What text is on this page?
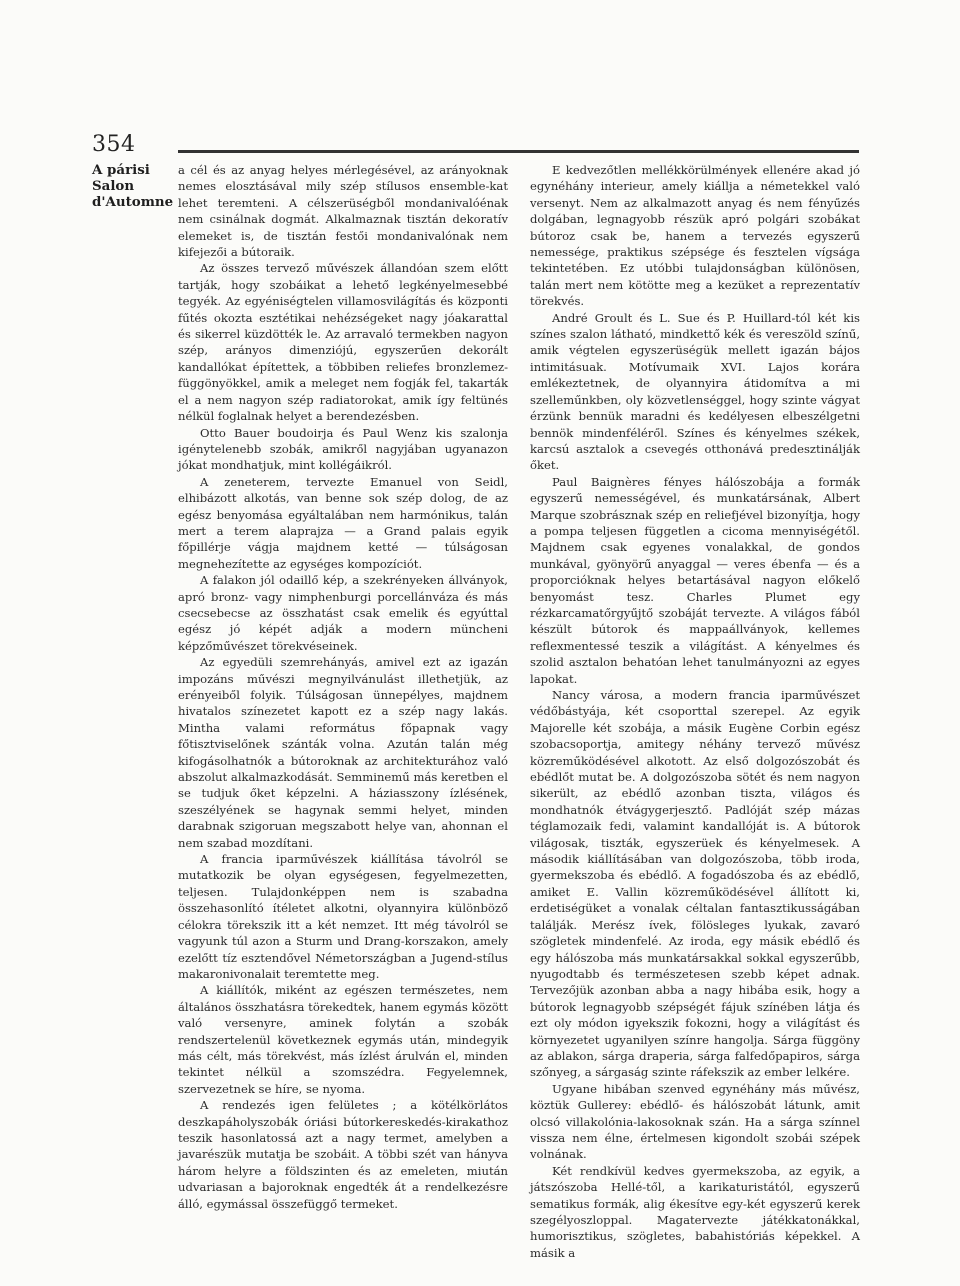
354
A párisi
Salon
d'Automne

a cél és az anyag helyes mérlegésével, az arányoknak nemes elosztásával mily szép stílusos ensemble-kat lehet teremteni. A célszerüségből mondanivalóénak nem csinálnak dogmát. Alkalmaznak tisztán dekoratív elemeket is, de tisztán festői mondanivalónak nem kifejezői a bútoraik.

Az összes tervező művészek állandóan szem előtt tartják, hogy szobáikat a lehető legkényelmesebbé tegyék. Az egyéniségtelen villamosvilágítás és központi fűtés okozta esztétikai nehézségeket nagy jóakarattal és sikerrel küzdötték le. Az arravaló termekben nagyon szép, arányos dimenziójú, egyszerűen dekorált kandallókat építettek, a többiben reliefes bronzlemez-függönyökkel, amik a meleget nem fogják fel, takarták el a nem nagyon szép radiatorokat, amik így feltünés nélkül foglalnak helyet a berendezésben.

Otto Bauer boudoirja és Paul Wenz kis szalonja igénytelenebb szobák, amikről nagyjában ugyanazon jókat mondhatjuk, mint kollégáikról.

A zeneterem, tervezte Emanuel von Seidl, elhibázott alkotás, van benne sok szép dolog, de az egész benyomása egyáltalában nem harmónikus, talán mert a terem alaprajza — a Grand palais egyik főpillérje vágja majdnem ketté — túlságosan megnehezítette az egységes kompozíciót.

A falakon jól odaillő kép, a szekrényeken állványok, apró bronz- vagy nimphenburgi porcellánváza és más csecsebecse az összhatást csak emelik és egyúttal egész jó képét adják a modern müncheni képzőművészet törekvéseinek.

Az egyedüli szemrehányás, amivel ezt az igazán impozáns művészi megnyilvánulást illethetjük, az erényeiből folyik. Túlságosan ünnepélyes, majdnem hivatalos színezetet kapott ez a szép nagy lakás. Mintha valami református főpapnak vagy főtisztviselőnek szánták volna. Azután talán még kifogásolhatnók a bútoroknak az architekturához való abszolut alkalmazkodását. Semminemű más keretben el se tudjuk őket képzelni. A háziasszony ízlésének, szeszélyének se hagynak semmi helyet, minden darabnak szigoruan megszabott helye van, ahonnan el nem szabad mozdítani.

A francia iparművészek kiállítása távolról se mutatkozik be olyan egységesen, fegyelmezetten, teljesen. Tulajdonképpen nem is szabadna összehasonlító ítéletet alkotni, olyannyira különböző célokra törekszik itt a két nemzet. Itt még távolról se vagyunk túl azon a Sturm und Drang-korszakon, amely ezelőtt tíz esztendővel Németországban a Jugend-stílus makaronivonalait teremtette meg.

A kiállítók, miként az egészen természetes, nem általános összhatásra törekedtek, hanem egymás között való versenyre, aminek folytán a szobák rendszertelenül következnek egymás után, mindegyik más célt, más törekvést, más ízlést árulván el, minden tekintet nélkül a szomszédra. Fegyelemnek, szervezetnek se híre, se nyoma.

A rendezés igen felületes ; a kötélkörlátos deszkapáholyszobák óriási bútorkereskedés-kirakathoz teszik hasonlatossá azt a nagy termet, amelyben a javarészük mutatja be szobáit. A többi szét van hányva három helyre a földszinten és az emeleten, miután udvariasan a bajoroknak engedték át a rendelkezésre álló, egymással összefüggő termeket.

E kedvezőtlen mellékkörülmények ellenére akad jó egynéhány interieur, amely kiállja a németekkel való versenyt. Nem az alkalmazott anyag és nem fényűzés dolgában, legnagyobb részük apró polgári szobákat bútoroz csak be, hanem a tervezés egyszerű nemessége, praktikus szépsége és fesztelen vígsága tekintetében. Ez utóbbi tulajdonságban különösen, talán mert nem kötötte meg a kezüket a reprezentatív törekvés.

André Groult és L. Sue és P. Huillard-tól két kis színes szalon látható, mindkettő kék és vereszöld színű, amik végtelen egyszerüségük mellett igazán bájos intimitásuak. Motívumaik XVI. Lajos korára emlékeztetnek, de olyannyira átidomítva a mi szelleműnkben, oly közvetlenséggel, hogy szinte vágyat érzünk bennük maradni és kedélyesen elbeszélgetni bennök mindenféléről. Színes és kényelmes székek, karcsú asztalok a csevegés otthonává predesztinálják őket.

Paul Baignères fényes hálószobája a formák egyszerű nemességével, és munkatársának, Albert Marque szobrásznak szép en reliefjével bizonyítja, hogy a pompa teljesen független a cicoma mennyiségétől. Majdnem csak egyenes vonalakkal, de gondos munkával, gyönyörű anyaggal — veres ébenfa — és a proporcióknak helyes betartásával nagyon előkelő benyomást tesz. Charles Plumet egy rézkarcamatőrgyűjtő szobáját tervezte. A világos fából készült bútorok és mappaállványok, kellemes reflexmentessé teszik a világítást. A kényelmes és szolid asztalon behatóan lehet tanulmányozni az egyes lapokat.

Nancy városa, a modern francia iparművészet védőbástyája, két csoporttal szerepel. Az egyik Majorelle két szobája, a másik Eugène Corbin egész szobacsoportja, amitegy néhány tervező művész közreműködésével alkotott. Az első dolgozószobát és ebédlőt mutat be. A dolgozószoba sötét és nem nagyon sikerült, az ebédlő azonban tiszta, világos és mondhatnók étvágygerjesztő. Padlóját szép mázas téglamozaik fedi, valamint kandallóját is. A bútorok világosak, tiszták, egyszerüek és kényelmesek. A második kiállításában van dolgozószoba, több iroda, gyermekszoba és ebédlő. A fogadószoba és az ebédlő, amiket E. Vallin közreműködésével állított ki, erdetiségüket a vonalak céltalan fantasztikusságában találják. Merész ívek, fölösleges lyukak, zavaró szögletek mindenfelé. Az iroda, egy másik ebédlő és egy hálószoba más munkatársakkal sokkal egyszerűbb, nyugodtabb és természetesen szebb képet adnak. Tervezőjük azonban abba a nagy hibába esik, hogy a bútorok legnagyobb szépségét fájuk színében látja és ezt oly módon igyekszik fokozni, hogy a világítást és környezetet ugyanilyen színre hangolja. Sárga függöny az ablakon, sárga draperia, sárga falfedőpapiros, sárga szőnyeg, a sárgaság szinte ráfekszik az ember lelkére.

Ugyane hibában szenved egynéhány más művész, köztük Gullerey: ebédlő- és hálószobát látunk, amit olcsó villakolónia-lakosoknak szán. Ha a sárga színnel vissza nem élne, értelmesen kigondolt szobái szépek volnának.

Két rendkívül kedves gyermekszoba, az egyik, a játszószoba Hellé-től, a karikaturistától, egyszerű sematikus formák, alig ékesítve egy-két egyszerű kerek szegélyoszloppal. Magatervezte játékkatonákkal, humorisztikus, szögletes, babahistóriás képekkel. A másik a
